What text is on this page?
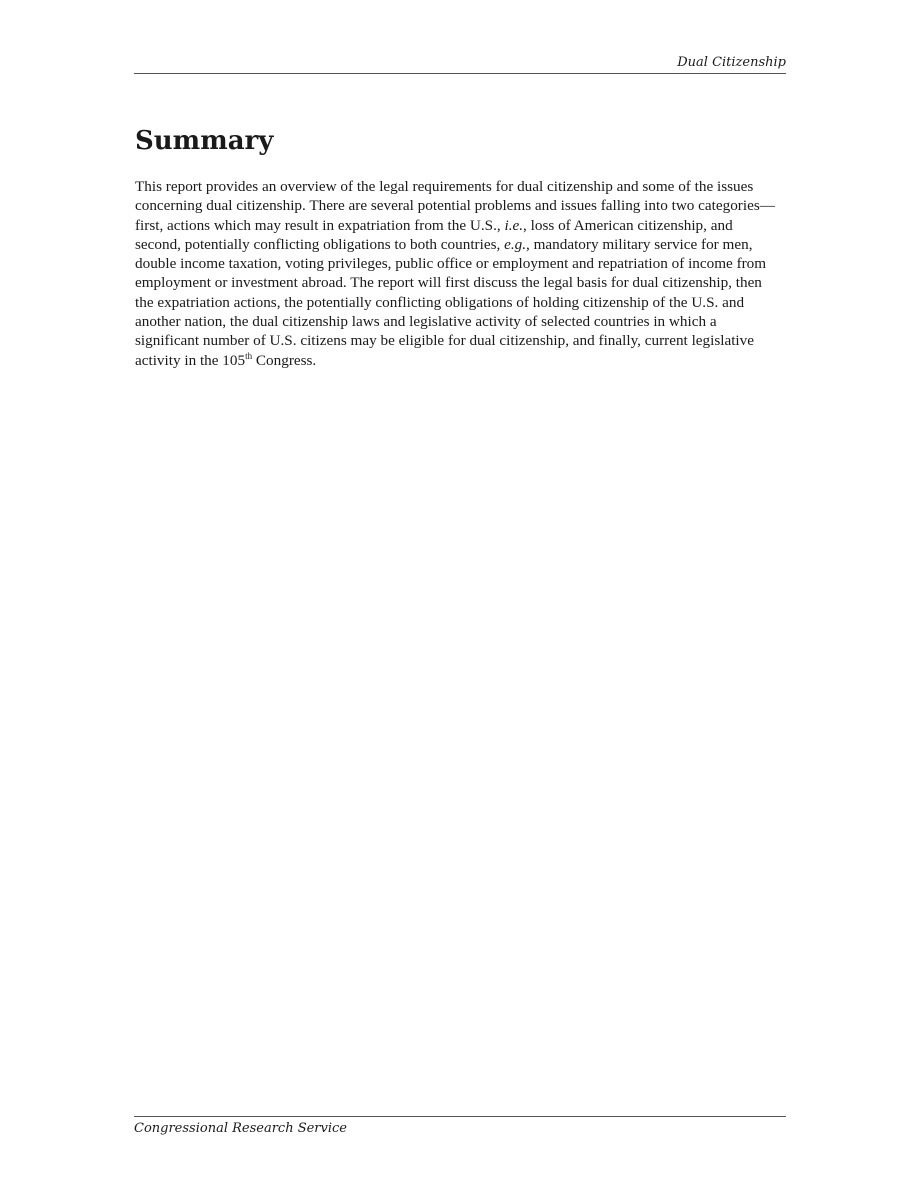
Dual Citizenship
Summary

This report provides an overview of the legal requirements for dual citizenship and some of the issues concerning dual citizenship. There are several potential problems and issues falling into two categories—first, actions which may result in expatriation from the U.S., i.e., loss of American citizenship, and second, potentially conflicting obligations to both countries, e.g., mandatory military service for men, double income taxation, voting privileges, public office or employment and repatriation of income from employment or investment abroad. The report will first discuss the legal basis for dual citizenship, then the expatriation actions, the potentially conflicting obligations of holding citizenship of the U.S. and another nation, the dual citizenship laws and legislative activity of selected countries in which a significant number of U.S. citizens may be eligible for dual citizenship, and finally, current legislative activity in the 105th Congress.

Congressional Research Service
